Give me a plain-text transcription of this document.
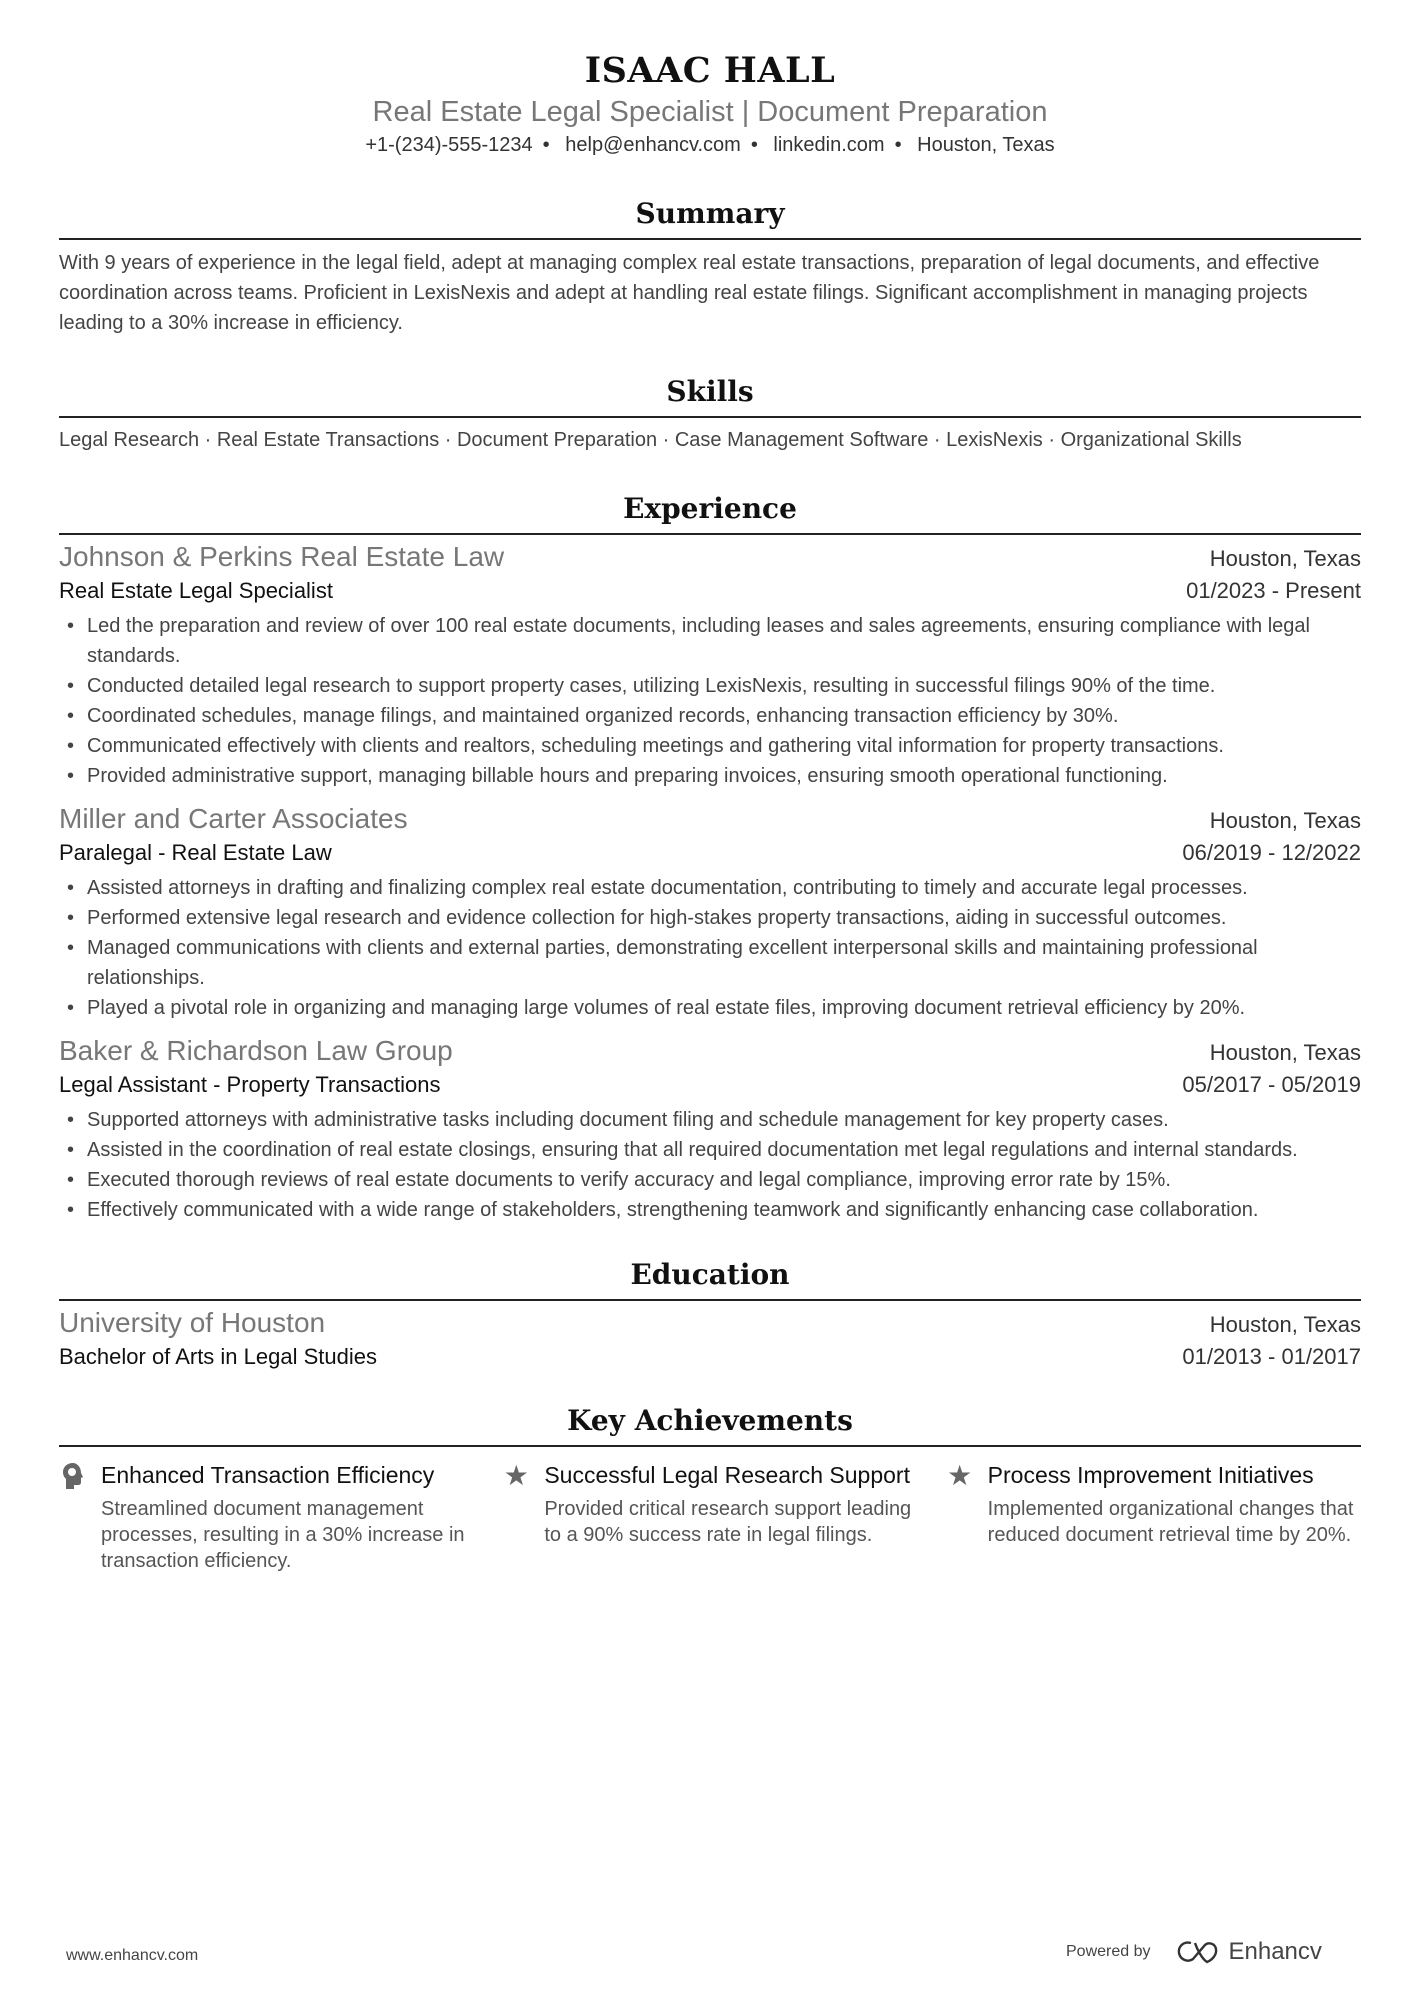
ISAAC HALL
Real Estate Legal Specialist | Document Preparation
+1-(234)-555-1234 • help@enhancv.com • linkedin.com • Houston, Texas
Summary
With 9 years of experience in the legal field, adept at managing complex real estate transactions, preparation of legal documents, and effective coordination across teams. Proficient in LexisNexis and adept at handling real estate filings. Significant accomplishment in managing projects leading to a 30% increase in efficiency.
Skills
Legal Research · Real Estate Transactions · Document Preparation · Case Management Software · LexisNexis · Organizational Skills
Experience
Johnson & Perkins Real Estate Law	Houston, Texas
Real Estate Legal Specialist	01/2023 - Present
• Led the preparation and review of over 100 real estate documents, including leases and sales agreements, ensuring compliance with legal standards.
• Conducted detailed legal research to support property cases, utilizing LexisNexis, resulting in successful filings 90% of the time.
• Coordinated schedules, manage filings, and maintained organized records, enhancing transaction efficiency by 30%.
• Communicated effectively with clients and realtors, scheduling meetings and gathering vital information for property transactions.
• Provided administrative support, managing billable hours and preparing invoices, ensuring smooth operational functioning.
Miller and Carter Associates	Houston, Texas
Paralegal - Real Estate Law	06/2019 - 12/2022
• Assisted attorneys in drafting and finalizing complex real estate documentation, contributing to timely and accurate legal processes.
• Performed extensive legal research and evidence collection for high-stakes property transactions, aiding in successful outcomes.
• Managed communications with clients and external parties, demonstrating excellent interpersonal skills and maintaining professional relationships.
• Played a pivotal role in organizing and managing large volumes of real estate files, improving document retrieval efficiency by 20%.
Baker & Richardson Law Group	Houston, Texas
Legal Assistant - Property Transactions	05/2017 - 05/2019
• Supported attorneys with administrative tasks including document filing and schedule management for key property cases.
• Assisted in the coordination of real estate closings, ensuring that all required documentation met legal regulations and internal standards.
• Executed thorough reviews of real estate documents to verify accuracy and legal compliance, improving error rate by 15%.
• Effectively communicated with a wide range of stakeholders, strengthening teamwork and significantly enhancing case collaboration.
Education
University of Houston	Houston, Texas
Bachelor of Arts in Legal Studies	01/2013 - 01/2017
Key Achievements
Enhanced Transaction Efficiency
Streamlined document management processes, resulting in a 30% increase in transaction efficiency.
★ Successful Legal Research Support
Provided critical research support leading to a 90% success rate in legal filings.
★ Process Improvement Initiatives
Implemented organizational changes that reduced document retrieval time by 20%.
www.enhancv.com	Powered by	Enhancv
